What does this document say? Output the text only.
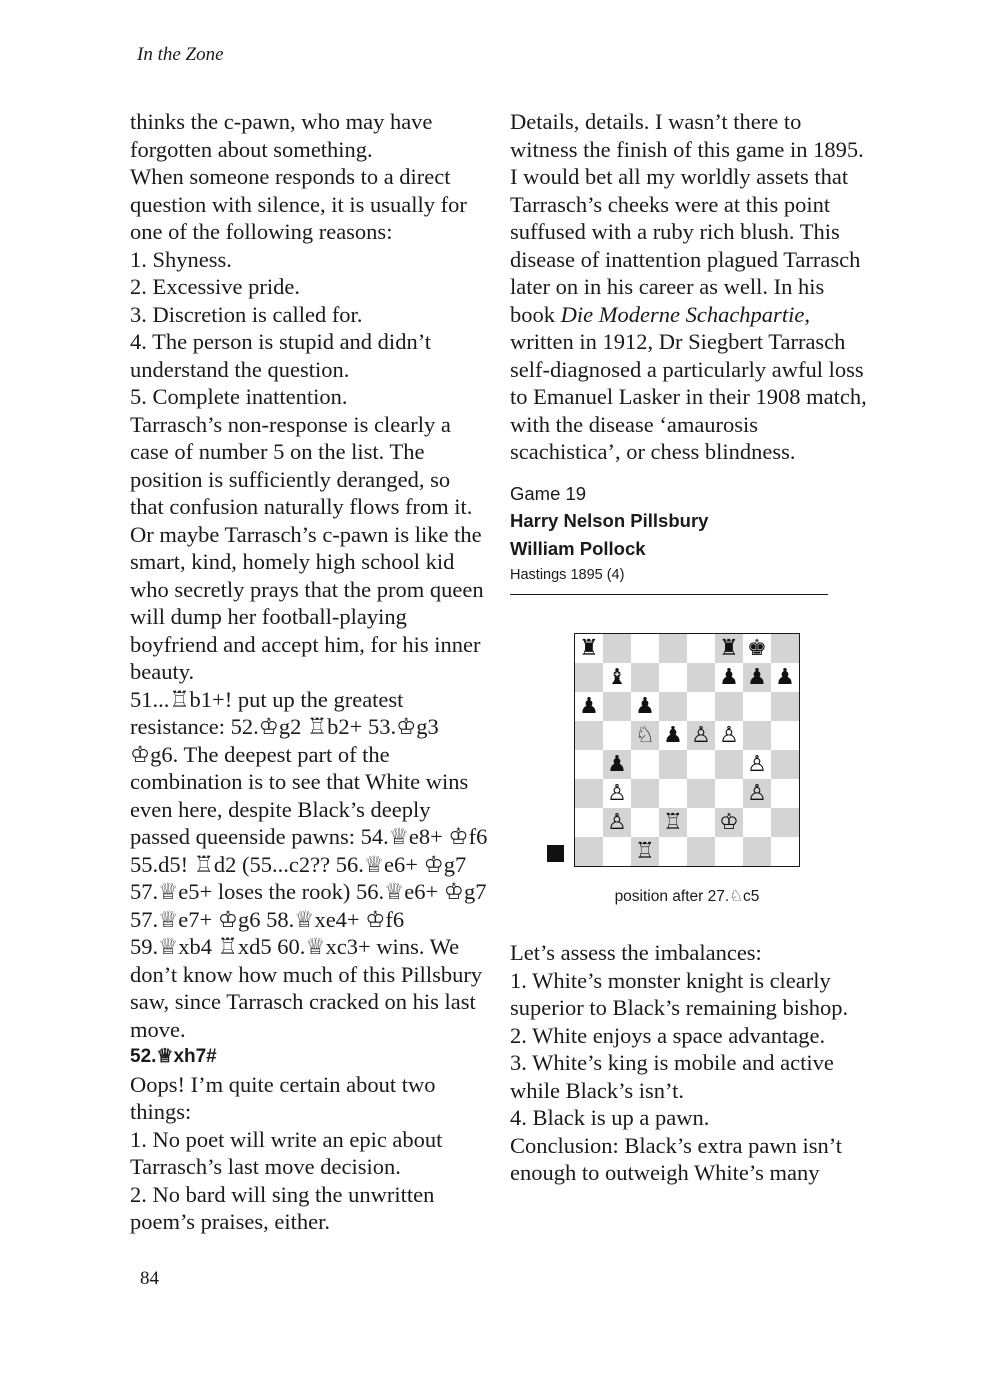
In the Zone

thinks the c-pawn, who may have forgotten about something.

When someone responds to a direct question with silence, it is usually for one of the following reasons:

1. Shyness.

2. Excessive pride.

3. Discretion is called for.

4. The person is stupid and didn’t understand the question.

5. Complete inattention.

Tarrasch’s non-response is clearly a case of number 5 on the list. The position is sufficiently deranged, so that confusion naturally flows from it. Or maybe Tarrasch’s c-pawn is like the smart, kind, homely high school kid who secretly prays that the prom queen will dump her football-playing boyfriend and accept him, for his inner beauty.

51...♖b1+! put up the greatest resistance: 52.♔g2 ♖b2+ 53.♔g3 ♔g6. The deepest part of the combination is to see that White wins even here, despite Black’s deeply passed queenside pawns: 54.♕e8+ ♔f6 55.d5! ♖d2 (55...c2?? 56.♕e6+ ♔g7 57.♕e5+ loses the rook) 56.♕e6+ ♔g7 57.♕e7+ ♔g6 58.♕xe4+ ♔f6 59.♕xb4 ♖xd5 60.♕xc3+ wins. We don’t know how much of this Pillsbury saw, since Tarrasch cracked on his last move.

52.♕xh7#

Oops! I’m quite certain about two things:

1. No poet will write an epic about Tarrasch’s last move decision.

2. No bard will sing the unwritten poem’s praises, either.

Details, details. I wasn’t there to witness the finish of this game in 1895. I would bet all my worldly assets that Tarrasch’s cheeks were at this point suffused with a ruby rich blush. This disease of inattention plagued Tarrasch later on in his career as well. In his book Die Moderne Schachpartie, written in 1912, Dr Siegbert Tarrasch self-diagnosed a particularly awful loss to Emanuel Lasker in their 1908 match, with the disease ‘amaurosis scachistica’, or chess blindness.

Game 19
Harry Nelson Pillsbury
William Pollock
Hastings 1895 (4)
♜	♜ ♚
♝	♟ ♟ ♟
♟ ♟
♘ ♟ ♙ ♙
♟	♙
♙	♙
♙ ♖ ♔
♖
position after 27.♘c5

Let’s assess the imbalances:

1. White’s monster knight is clearly superior to Black’s remaining bishop.

2. White enjoys a space advantage.

3. White’s king is mobile and active while Black’s isn’t.

4. Black is up a pawn.

Conclusion: Black’s extra pawn isn’t enough to outweigh White’s many

84
